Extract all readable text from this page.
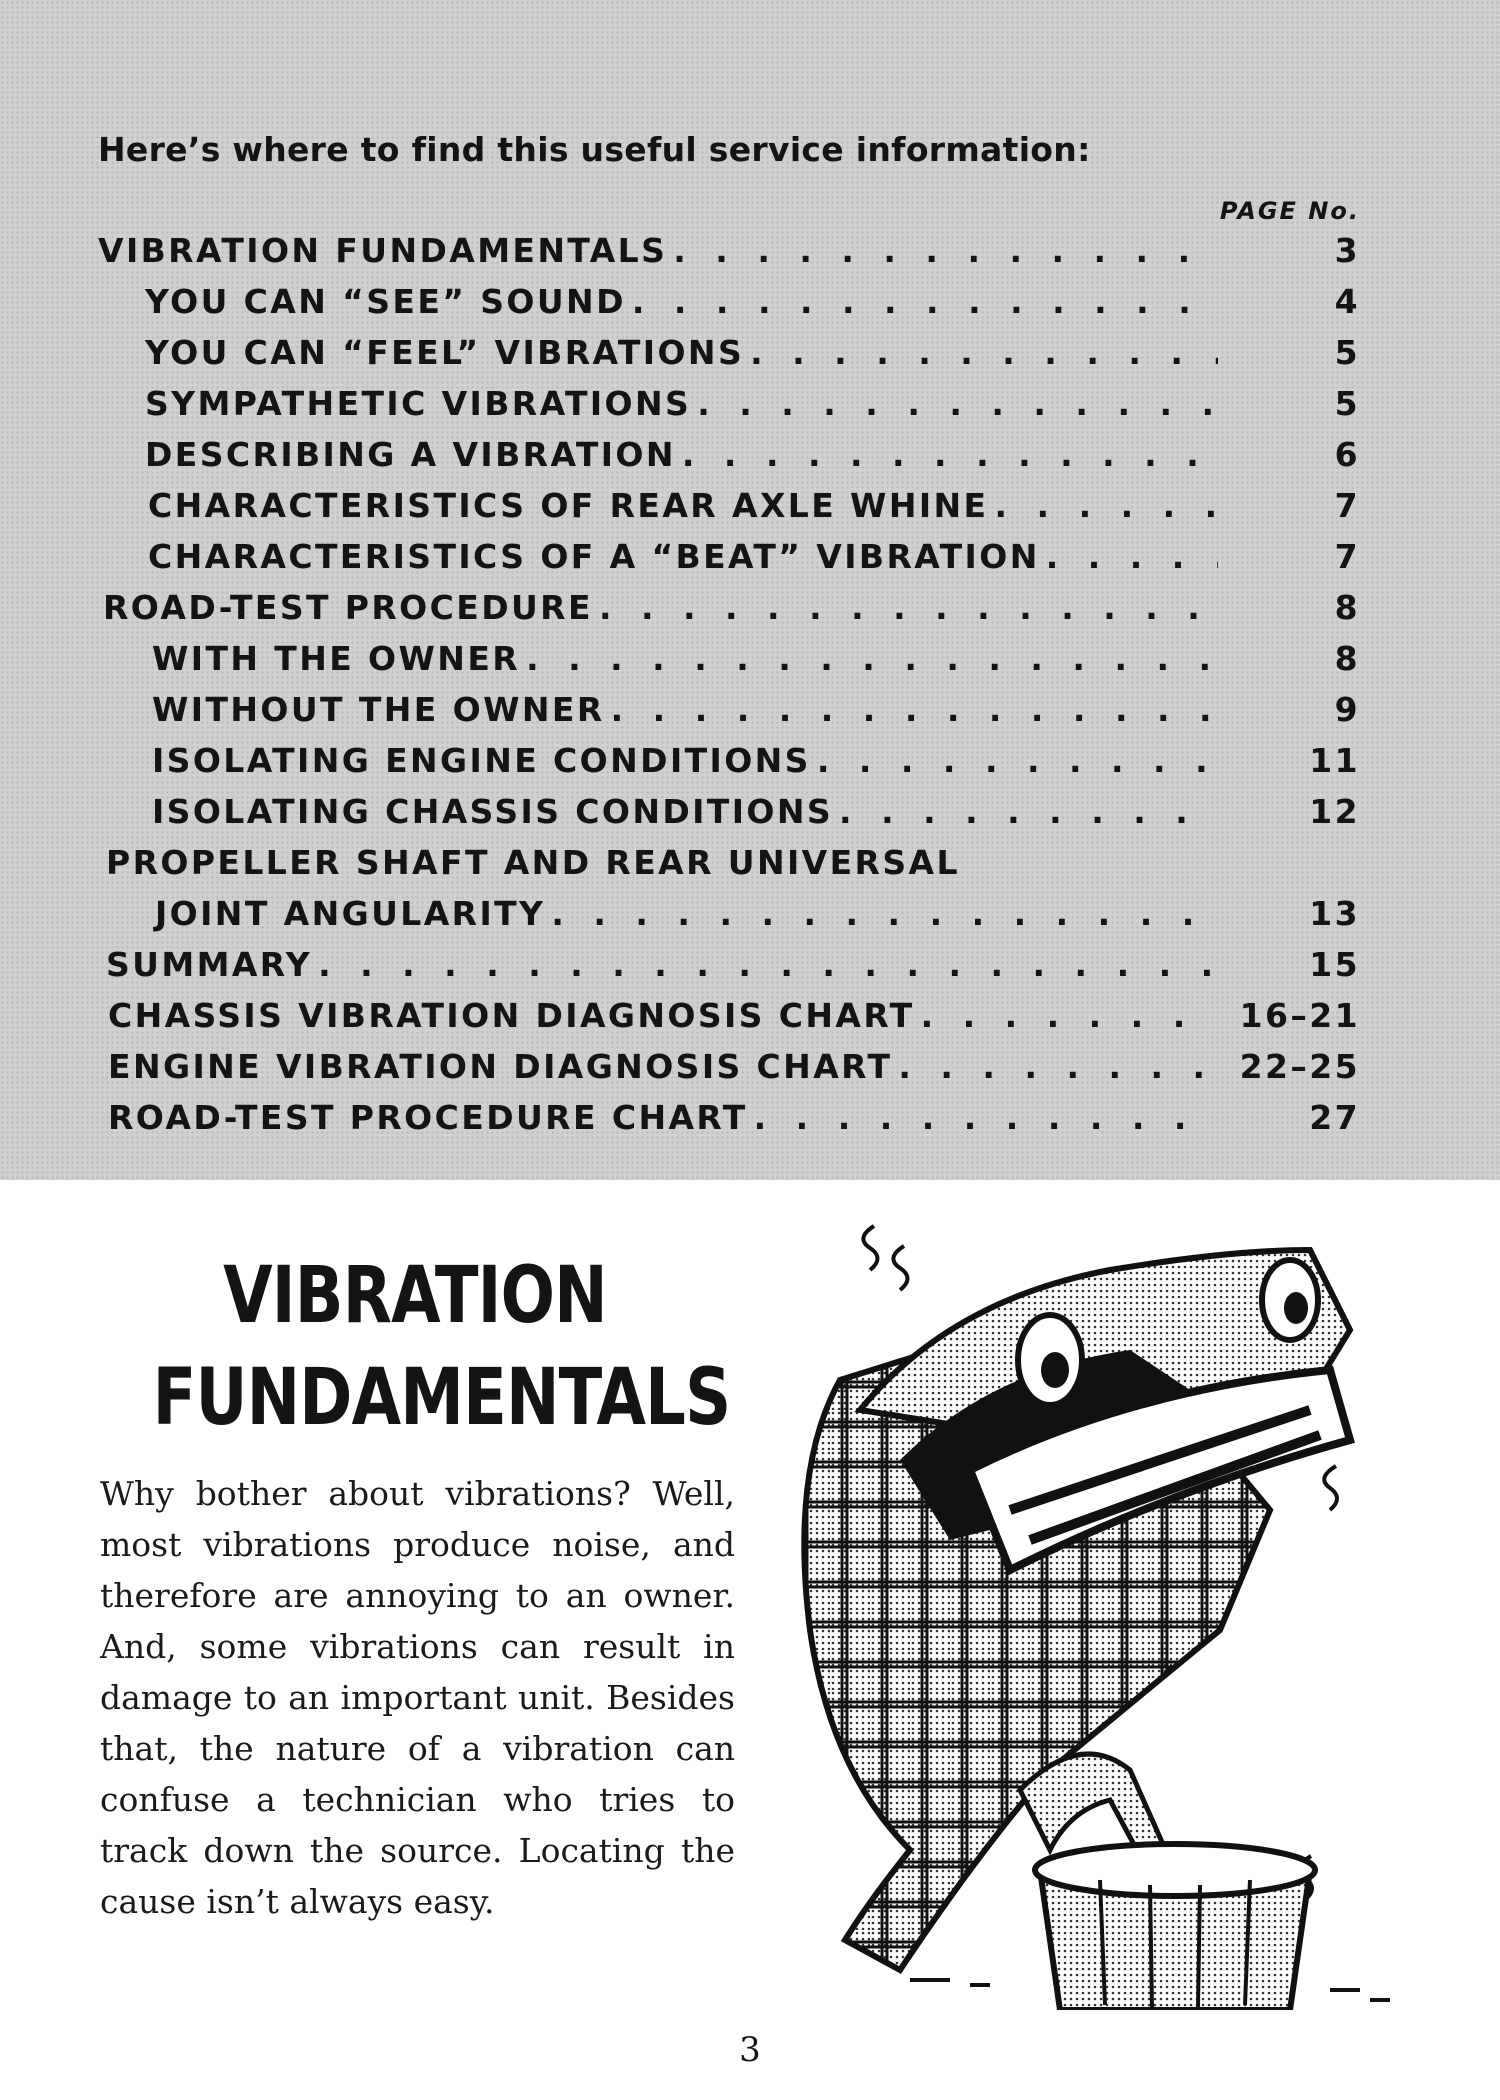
Here’s where to find this useful service information:

PAGE No.
VIBRATION FUNDAMENTALS . . .	3
YOU CAN “SEE” SOUND . . .	4
YOU CAN “FEEL” VIBRATIONS . . .	5
SYMPATHETIC VIBRATIONS . . .	5
DESCRIBING A VIBRATION . . .	6
CHARACTERISTICS OF REAR AXLE WHINE . . .	7
CHARACTERISTICS OF A “BEAT” VIBRATION . . .	7
ROAD-TEST PROCEDURE . . .	8
WITH THE OWNER . . .	8
WITHOUT THE OWNER . . .	9
ISOLATING ENGINE CONDITIONS . . .	11
ISOLATING CHASSIS CONDITIONS . . .	12
PROPELLER SHAFT AND REAR UNIVERSAL
JOINT ANGULARITY . . .	13
SUMMARY . . .	15
CHASSIS VIBRATION DIAGNOSIS CHART . . .	16–21
ENGINE VIBRATION DIAGNOSIS CHART . . .	22–25
ROAD-TEST PROCEDURE CHART . . .	27
VIBRATION
FUNDAMENTALS

Why bother about vibrations? Well, most vibrations produce noise, and therefore are annoying to an owner. And, some vibrations can result in damage to an important unit. Besides that, the nature of a vibration can confuse a technician who tries to track down the source. Locating the cause isn’t always easy.

3
